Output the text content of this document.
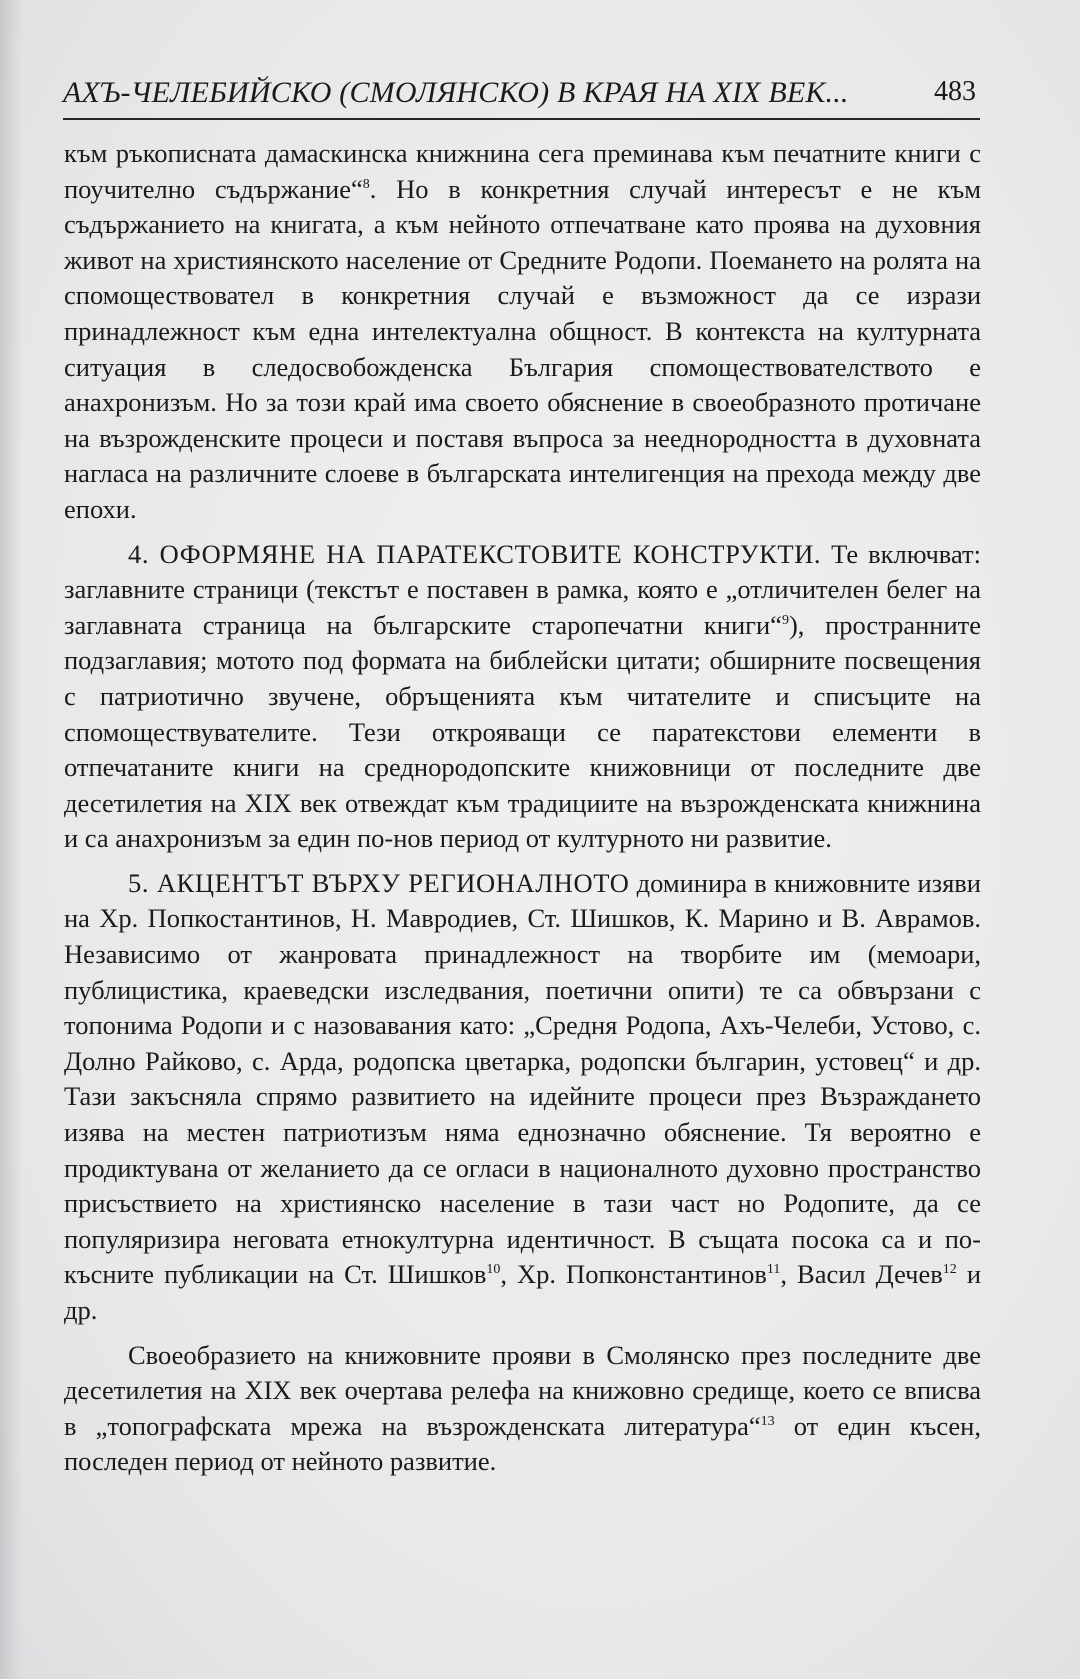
АХЪ-ЧЕЛЕБИЙСКО (СМОЛЯНСКО) В КРАЯ НА XIX ВЕК...	483

към ръкописната дамаскинска книжнина сега преминава към печатните книги с поучително съдържание“$^8$. Но в конкретния случай интересът е не към съдържанието на книгата, а към нейното отпечатване като проява на духовния живот на християнското население от Средните Родопи. Поемането на ролята на спомоществовател в конкретния случай е възможност да се изрази принадлежност към една интелектуална общност. В контекста на културната ситуация в следосвобожденска България спомоществователството е анахронизъм. Но за този край има своето обяснение в своеобразното протичане на възрожденските процеси и поставя въпроса за нееднородността в духовната нагласа на различните слоеве в българската интелигенция на прехода между две епохи.

4. ОФОРМЯНЕ НА ПАРАТЕКСТОВИТЕ КОНСТРУКТИ. Те включват: заглавните страници (текстът е поставен в рамка, която е „отличителен белег на заглавната страница на българските старопечатни книги“$^9$), пространните подзаглавия; мотото под формата на библейски цитати; обширните посвещения с патриотично звучене, обръщенията към читателите и списъците на спомоществувателите. Тези открояващи се паратекстови елементи в отпечатаните книги на среднородопските книжовници от последните две десетилетия на XIX век отвеждат към традициите на възрожденската книжнина и са анахронизъм за един по-нов период от културното ни развитие.

5. АКЦЕНТЪТ ВЪРХУ РЕГИОНАЛНОТО доминира в книжовните изяви на Хр. Попкостантинов, Н. Мавродиев, Ст. Шишков, К. Марино и В. Аврамов. Независимо от жанровата принадлежност на творбите им (мемоари, публицистика, краеведски изследвания, поетични опити) те са обвързани с топонима Родопи и с назовавания като: „Средня Родопа, Ахъ-Челеби, Устово, с. Долно Райково, с. Арда, родопска цветарка, родопски българин, устовец“ и др. Тази закъсняла спрямо развитието на идейните процеси през Възраждането изява на местен патриотизъм няма еднозначно обяснение. Тя вероятно е продиктувана от желанието да се огласи в националното духовно пространство присъствието на християнско население в тази част но Родопите, да се популяризира неговата етнокултурна идентичност. В същата посока са и по-късните публикации на Ст. Шишков$^{10}$, Хр. Попконстантинов$^{11}$, Васил Дечев$^{12}$ и др.

Своеобразието на книжовните прояви в Смолянско през последните две десетилетия на XIX век очертава релефа на книжовно средище, което се вписва в „топографската мрежа на възрожденската литература“$^{13}$ от един късен, последен период от нейното развитие.
